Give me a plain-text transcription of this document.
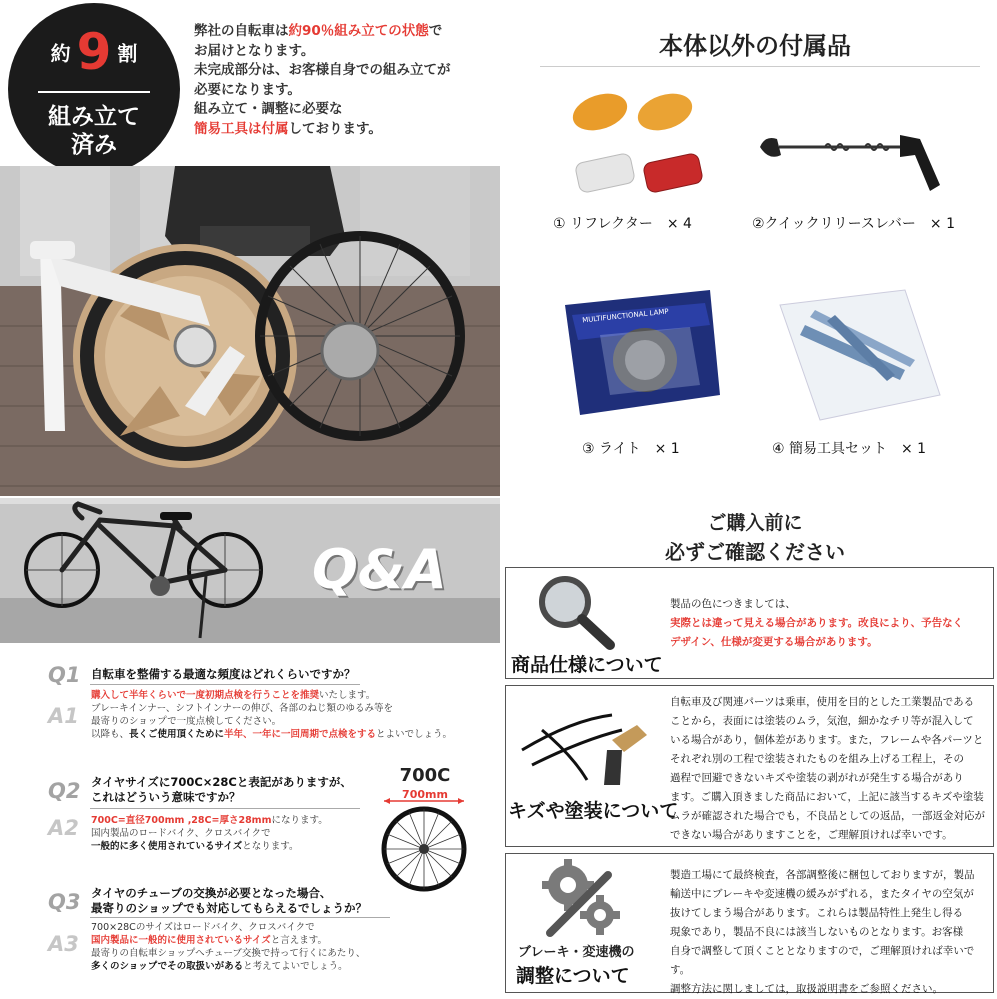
約 9 割
組み立て
済み
弊社の自転車は約90％組み立ての状態で
お届けとなります。
未完成部分は、お客様自身での組み立てが
必要になります。
組み立て・調整に必要な
簡易工具は付属しております。
Q&A
Q1 自転車を整備する最適な頻度はどれくらいですか？
A1
購入して半年くらいで一度初期点検を行うことを推奨いたします。
ブレーキインナー、シフトインナーの伸び、各部のねじ類のゆるみ等を
最寄りのショップで一度点検してください。
以降も、長くご使用頂くために半年、一年に一回周期で点検をするとよいでしょう。
Q2 タイヤサイズに700C×28Cと表記がありますが、
これはどういう意味ですか？
A2 700C=直径700mm ,28C=厚さ28mmになります。
国内製品のロードバイク、クロスバイクで
一般的に多く使用されているサイズとなります。
700C
700mm
Q3 タイヤのチューブの交換が必要となった場合、
最寄りのショップでも対応してもらえるでしょうか？
A3
700×28Cのサイズはロードバイク、クロスバイクで
国内製品に一般的に使用されているサイズと言えます。
最寄りの自転車ショップへチューブ交換で持って行くにあたり、
多くのショップでその取扱いがあると考えてよいでしょう。
本体以外の付属品
① リフレクター　× 4	②クイックリリースレバー　× 1
MULTIFUNCTIONAL LAMP
③ ライト　× 1	④ 簡易工具セット　× 1
ご購入前に
必ずご確認ください
商品仕様について
製品の色につきましては、
実際とは違って見える場合があります。改良により、予告なく
デザイン、仕様が変更する場合があります。
キズや塗装について
自転車及び関連パーツは乗車，使用を目的とした工業製品である
ことから，表面には塗装のムラ，気泡，細かなチリ等が混入して
いる場合があり，個体差があります。また，フレームや各パーツと
それぞれ別の工程で塗装されたものを組み上げる工程上，その
過程で回避できないキズや塗装の剥がれが発生する場合があり
ます。ご購入頂きました商品において，上記に該当するキズや塗装
ムラが確認された場合でも，不良品としての返品，一部返金対応が
できない場合がありますことを，ご理解頂ければ幸いです。
ブレーキ・変速機の
調整について
製造工場にて最終検査，各部調整後に梱包しておりますが，製品
輸送中にブレーキや変速機の緩みがずれる，またタイヤの空気が
抜けてしまう場合があります。これらは製品特性上発生し得る
現象であり，製品不良には該当しないものとなります。お客様
自身で調整して頂くこととなりますので，ご理解頂ければ幸いです。
調整方法に関しましては，取扱説明書をご参照ください。
